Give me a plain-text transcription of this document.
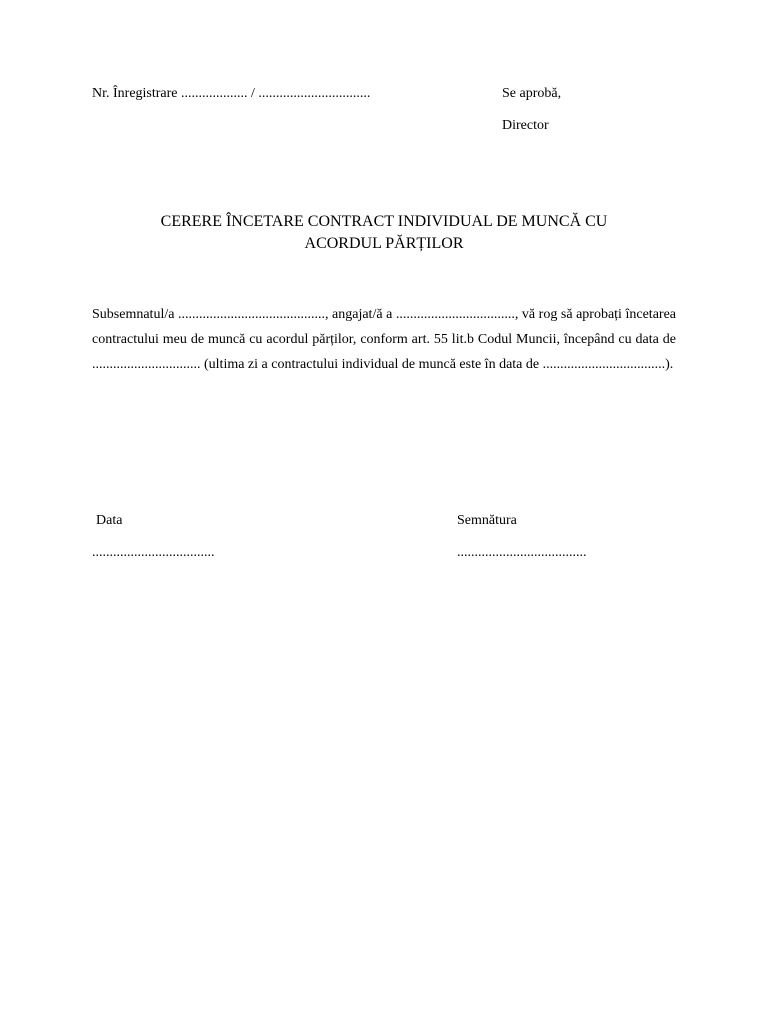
Nr. Înregistrare ................... / ................................	Se aprobă,
Director
CERERE ÎNCETARE CONTRACT INDIVIDUAL DE MUNCĂ CU
ACORDUL PĂRȚILOR
Subsemnatul/a .........................................., angajat/ă a .................................., vă rog să aprobați încetarea contractului meu de muncă cu acordul părților, conform art. 55 lit.b Codul Muncii, începând cu data de ............................... (ultima zi a contractului individual de muncă este în data de ...................................).
Data	Semnătura
...................................	.....................................
